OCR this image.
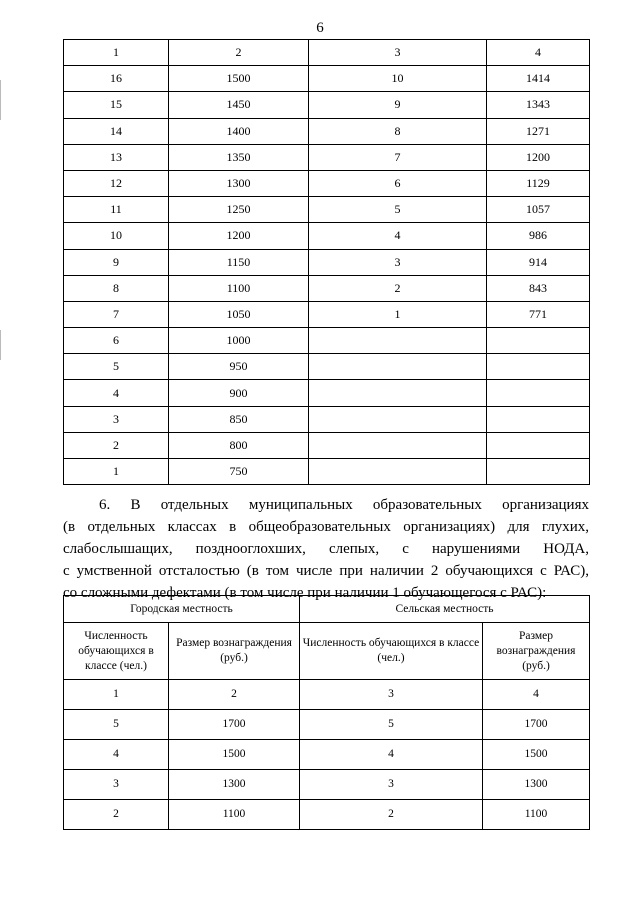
6
1	2	3	4
16	1500	10	1414
15	1450	9	1343
14	1400	8	1271
13	1350	7	1200
12	1300	6	1129
11	1250	5	1057
10	1200	4	986
9	1150	3	914
8	1100	2	843
7	1050	1	771
6	1000		
5	950		
4	900		
3	850		
2	800		
1	750		
6. В отдельных муниципальных образовательных организациях
(в отдельных классах в общеобразовательных организациях) для глухих,
слабослышащих, позднооглохших, слепых, с нарушениями НОДА,
с умственной отсталостью (в том числе при наличии 2 обучающихся с РАС),
со сложными дефектами (в том числе при наличии 1 обучающегося с РАС):
Городская местность		Сельская местность	
Численность обучающихся в классе (чел.)	Размер вознаграждения (руб.)	Численность обучающихся в классе (чел.)	Размер вознаграждения (руб.)
1	2	3	4
5	1700	5	1700
4	1500	4	1500
3	1300	3	1300
2	1100	2	1100
